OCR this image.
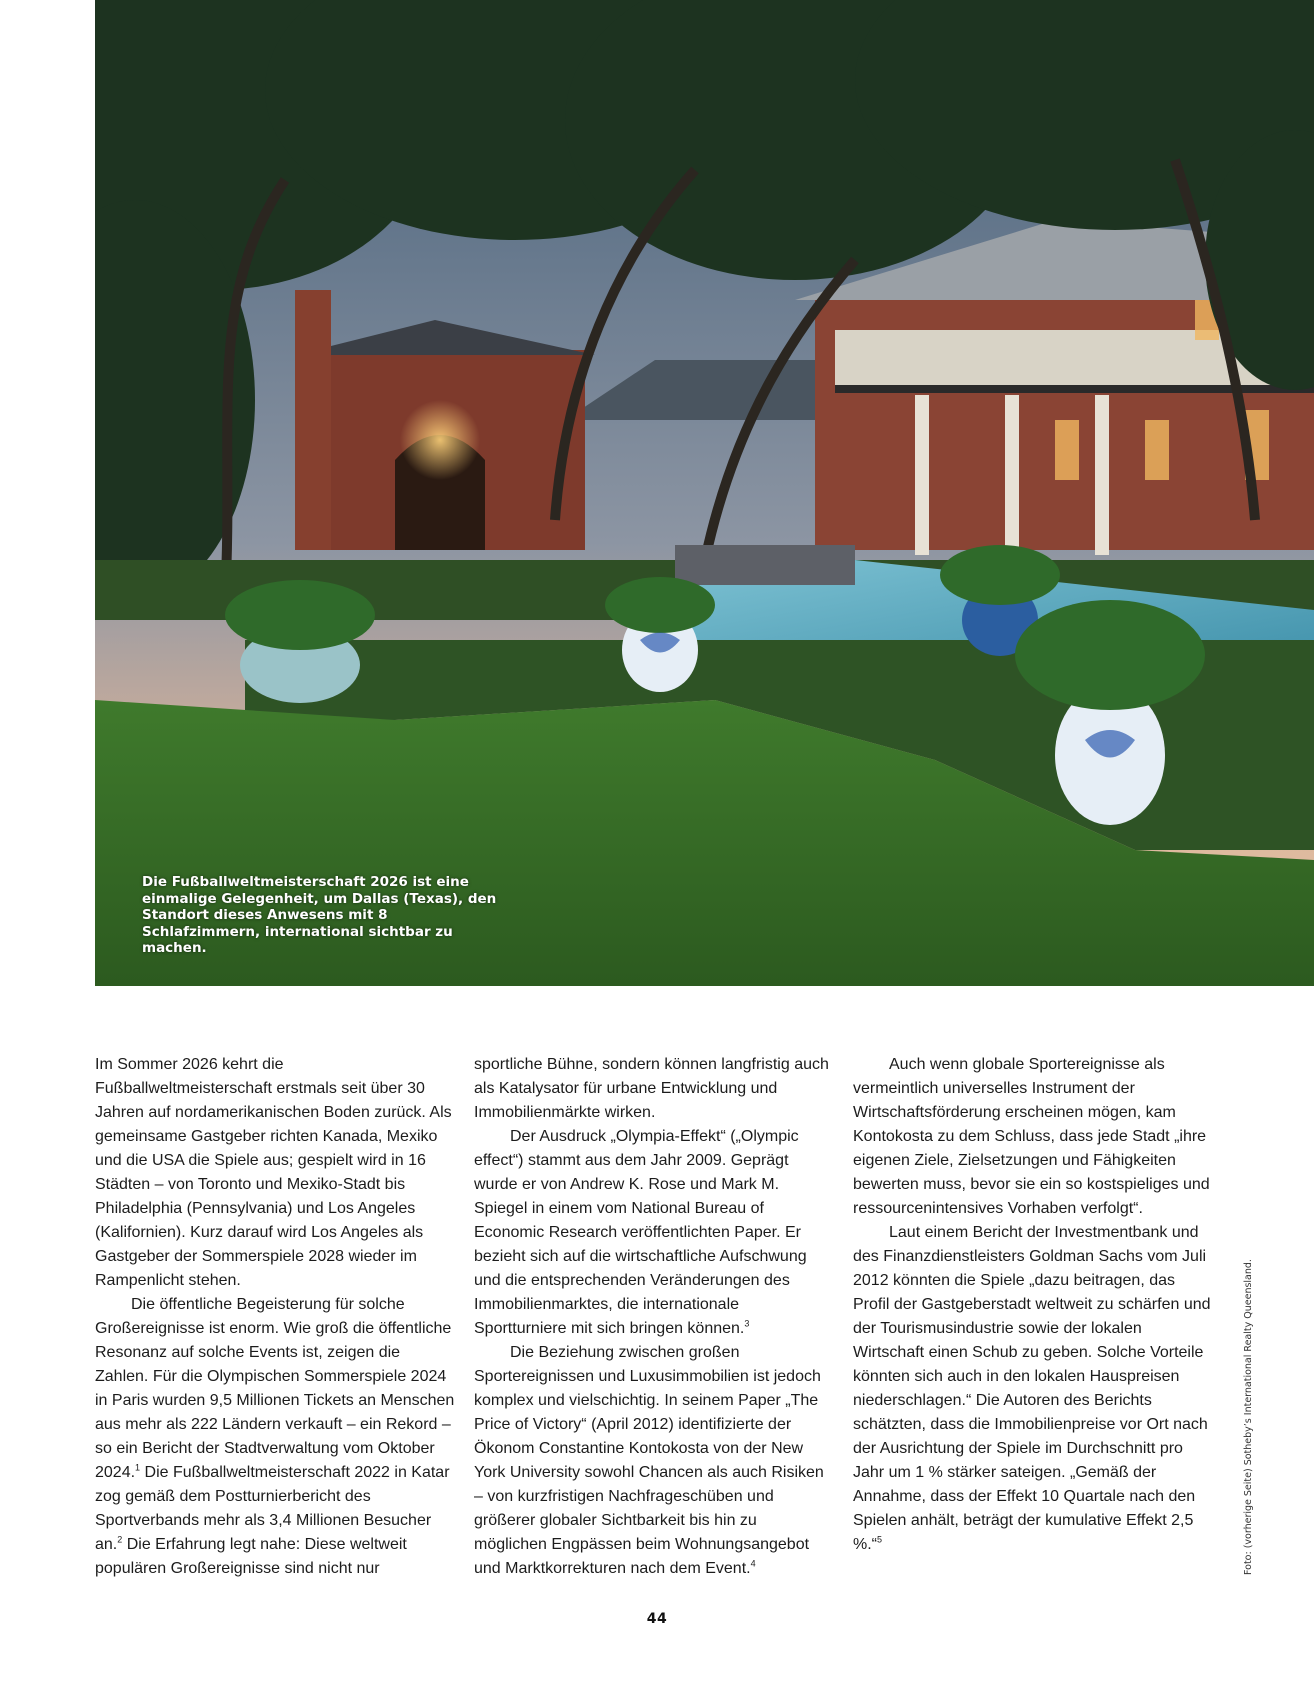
Die Fußballweltmeisterschaft 2026 ist eine einmalige Gelegenheit, um Dallas (Texas), den Standort dieses Anwesens mit 8 Schlafzimmern, international sichtbar zu machen.

Im Sommer 2026 kehrt die Fußballweltmeisterschaft erstmals seit über 30 Jahren auf nordamerikanischen Boden zurück. Als gemeinsame Gastgeber richten Kanada, Mexiko und die USA die Spiele aus; gespielt wird in 16 Städten – von Toronto und Mexiko-Stadt bis Philadelphia (Pennsylvania) und Los Angeles (Kalifornien). Kurz darauf wird Los Angeles als Gastgeber der Sommerspiele 2028 wieder im Rampenlicht stehen.

Die öffentliche Begeisterung für solche Großereignisse ist enorm. Wie groß die öffentliche Resonanz auf solche Events ist, zeigen die Zahlen. Für die Olympischen Sommerspiele 2024 in Paris wurden 9,5 Millionen Tickets an Menschen aus mehr als 222 Ländern verkauft – ein Rekord – so ein Bericht der Stadtverwaltung vom Oktober 2024.$^1$ Die Fußballweltmeisterschaft 2022 in Katar zog gemäß dem Postturnierbericht des Sportverbands mehr als 3,4 Millionen Besucher an.$^2$ Die Erfahrung legt nahe: Diese weltweit populären Großereignisse sind nicht nur

sportliche Bühne, sondern können langfristig auch als Katalysator für urbane Entwicklung und Immobilienmärkte wirken.

Der Ausdruck „Olympia-Effekt“ („Olympic effect“) stammt aus dem Jahr 2009. Geprägt wurde er von Andrew K. Rose und Mark M. Spiegel in einem vom National Bureau of Economic Research veröffentlichten Paper. Er bezieht sich auf die wirtschaftliche Aufschwung und die entsprechenden Veränderungen des Immobilienmarktes, die internationale Sportturniere mit sich bringen können.$^3$

Die Beziehung zwischen großen Sportereignissen und Luxusimmobilien ist jedoch komplex und vielschichtig. In seinem Paper „The Price of Victory“ (April 2012) identifizierte der Ökonom Constantine Kontokosta von der New York University sowohl Chancen als auch Risiken – von kurzfristigen Nachfrageschüben und größerer globaler Sichtbarkeit bis hin zu möglichen Engpässen beim Wohnungsangebot und Marktkorrekturen nach dem Event.$^4$

Auch wenn globale Sportereignisse als vermeintlich universelles Instrument der Wirtschaftsförderung erscheinen mögen, kam Kontokosta zu dem Schluss, dass jede Stadt „ihre eigenen Ziele, Zielsetzungen und Fähigkeiten bewerten muss, bevor sie ein so kostspieliges und ressourcenintensives Vorhaben verfolgt“.

Laut einem Bericht der Investmentbank und des Finanzdienstleisters Goldman Sachs vom Juli 2012 könnten die Spiele „dazu beitragen, das Profil der Gastgeberstadt weltweit zu schärfen und der Tourismusindustrie sowie der lokalen Wirtschaft einen Schub zu geben. Solche Vorteile könnten sich auch in den lokalen Hauspreisen niederschlagen.“ Die Autoren des Berichts schätzten, dass die Immobilienpreise vor Ort nach der Ausrichtung der Spiele im Durchschnitt pro Jahr um 1 % stärker sateigen. „Gemäß der Annahme, dass der Effekt 10 Quartale nach den Spielen anhält, beträgt der kumulative Effekt 2,5 %.“$^5$

44
Foto: (vorherige Seite) Sotheby’s International Realty Queensland.
